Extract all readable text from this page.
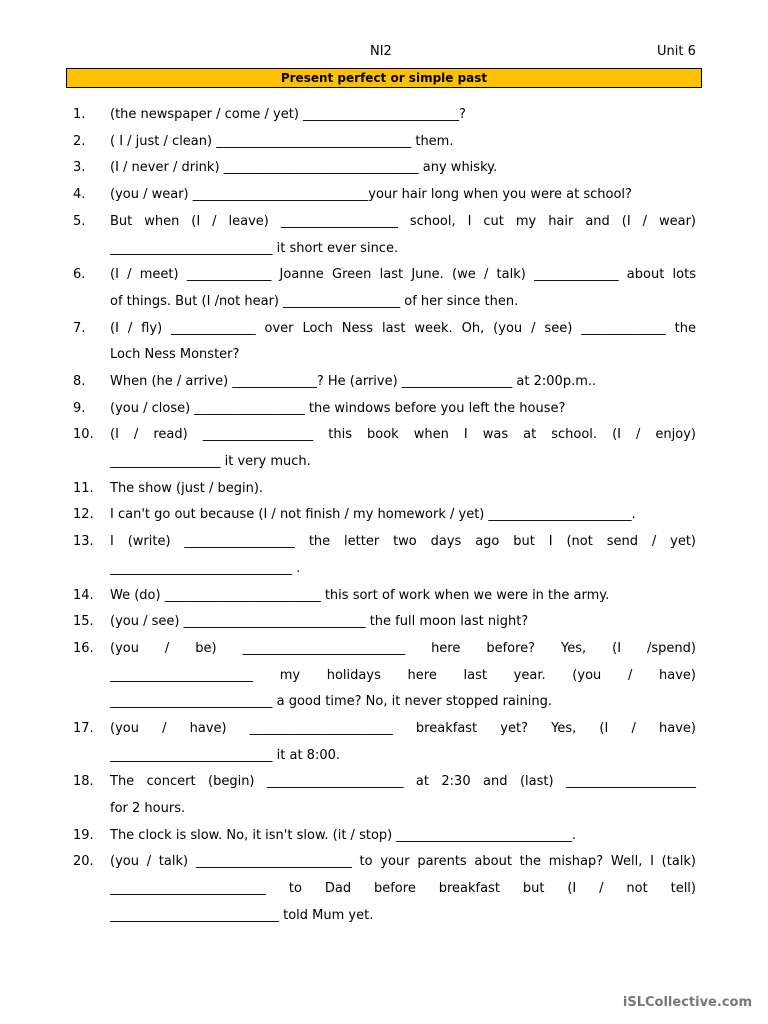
NI2	Unit 6
Present perfect or simple past
1.	(the newspaper / come / yet) ________________________?
2.	( I / just / clean) ______________________________ them.
3.	(I / never / drink) ______________________________ any whisky.
4.	(you / wear) ___________________________your hair long when you were at school?
5.	But when (I / leave) __________________ school, I cut my hair and (I / wear)
_________________________ it short ever since.
6.	(I / meet) _____________ Joanne Green last June. (we / talk) _____________ about lots
of things. But (I /not hear) __________________ of her since then.
7.	(I / fly) _____________ over Loch Ness last week. Oh, (you / see) _____________ the
Loch Ness Monster?
8.	When (he / arrive) _____________? He (arrive) _________________ at 2:00p.m..
9.	(you / close) _________________ the windows before you left the house?
10.	(I / read) _________________ this book when I was at school. (I / enjoy)
_________________ it very much.
11.	The show (just / begin).
12.	I can't go out because (I / not finish / my homework / yet) ______________________.
13.	I (write) _________________ the letter two days ago but I (not send / yet)
____________________________ .
14.	We (do) ________________________ this sort of work when we were in the army.
15.	(you / see) ____________________________ the full moon last night?
16.	(you / be) _________________________ here before? Yes, (I /spend)
______________________ my holidays here last year. (you / have)
_________________________ a good time? No, it never stopped raining.
17.	(you / have) ______________________ breakfast yet? Yes, (I / have)
_________________________ it at 8:00.
18.	The concert (begin) _____________________ at 2:30 and (last) ____________________
for 2 hours.
19.	The clock is slow. No, it isn't slow. (it / stop) ___________________________.
20.	(you / talk) ________________________ to your parents about the mishap? Well, I (talk)
________________________ to Dad before breakfast but (I / not tell)
__________________________ told Mum yet.
iSLCollective.com
